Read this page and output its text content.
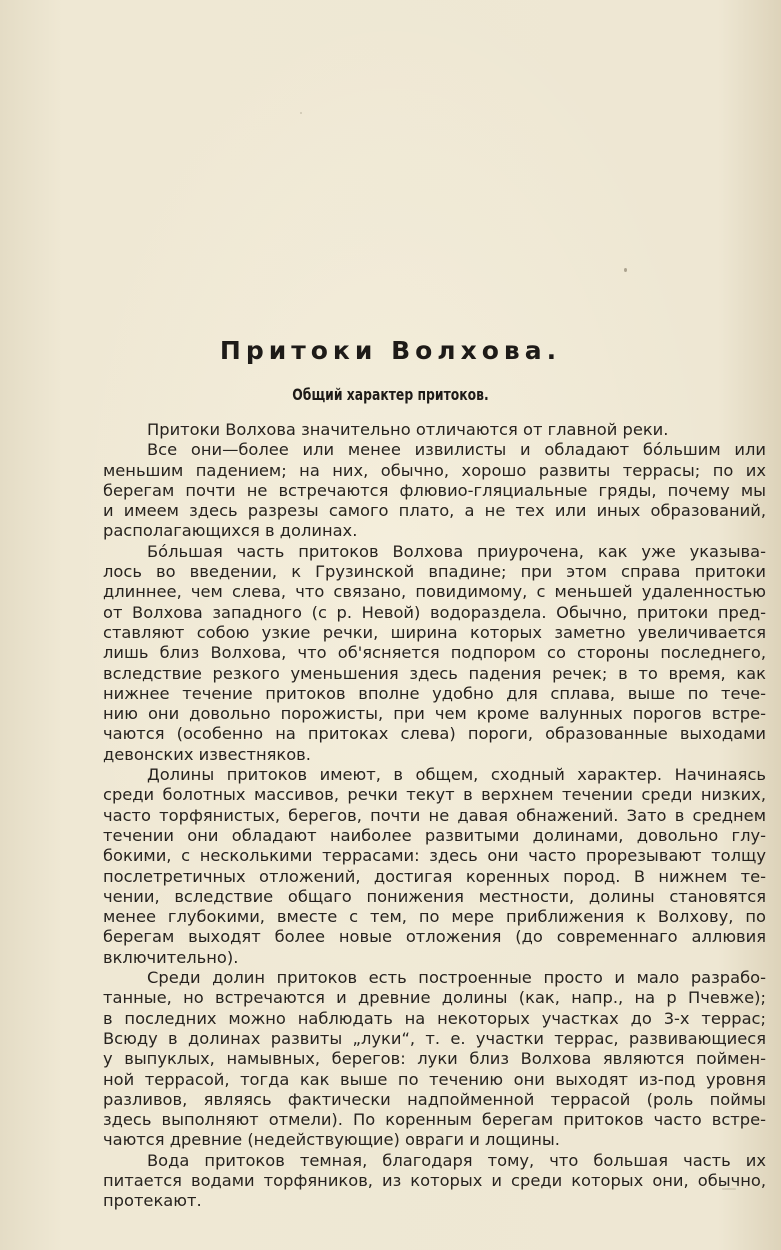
Притоки Волхова.
Общий характер притоков.
Притоки Волхова значительно отличаются от главной реки.
Все они—более или менее извилисты и обладают бóльшим или
меньшим падением; на них, обычно, хорошо развиты террасы; по их
берегам почти не встречаются флювио-гляциальные гряды, почему мы
и имеем здесь разрезы самого плато, а не тех или иных образований,
располагающихся в долинах.
Бóльшая часть притоков Волхова приурочена, как уже указыва-
лось во введении, к Грузинской впадине; при этом справа притоки
длиннее, чем слева, что связано, повидимому, с меньшей удаленностью
от Волхова западного (с р. Невой) водораздела. Обычно, притоки пред-
ставляют собою узкие речки, ширина которых заметно увеличивается
лишь близ Волхова, что об'ясняется подпором со стороны последнего,
вследствие резкого уменьшения здесь падения речек; в то время, как
нижнее течение притоков вполне удобно для сплава, выше по тече-
нию они довольно порожисты, при чем кроме валунных порогов встре-
чаются (особенно на притоках слева) пороги, образованные выходами
девонских известняков.
Долины притоков имеют, в общем, сходный характер. Начинаясь
среди болотных массивов, речки текут в верхнем течении среди низких,
часто торфянистых, берегов, почти не давая обнажений. Зато в среднем
течении они обладают наиболее развитыми долинами, довольно глу-
бокими, с несколькими террасами: здесь они часто прорезывают толщу
послетретичных отложений, достигая коренных пород. В нижнем те-
чении, вследствие общаго понижения местности, долины становятся
менее глубокими, вместе с тем, по мере приближения к Волхову, по
берегам выходят более новые отложения (до современнаго аллювия
включительно).
Среди долин притоков есть построенные просто и мало разрабо-
танные, но встречаются и древние долины (как, напр., на р Пчевже);
в последних можно наблюдать на некоторых участках до 3-х террас;
Всюду в долинах развиты „луки“, т. е. участки террас, развивающиеся
у выпуклых, намывных, берегов: луки близ Волхова являются поймен-
ной террасой, тогда как выше по течению они выходят из-под уровня
разливов, являясь фактически надпойменной террасой (роль поймы
здесь выполняют отмели). По коренным берегам притоков часто встре-
чаются древние (недействующие) овраги и лощины.
Вода притоков темная, благодаря тому, что большая часть их
питается водами торфяников, из которых и среди которых они, обычно,
протекают.
